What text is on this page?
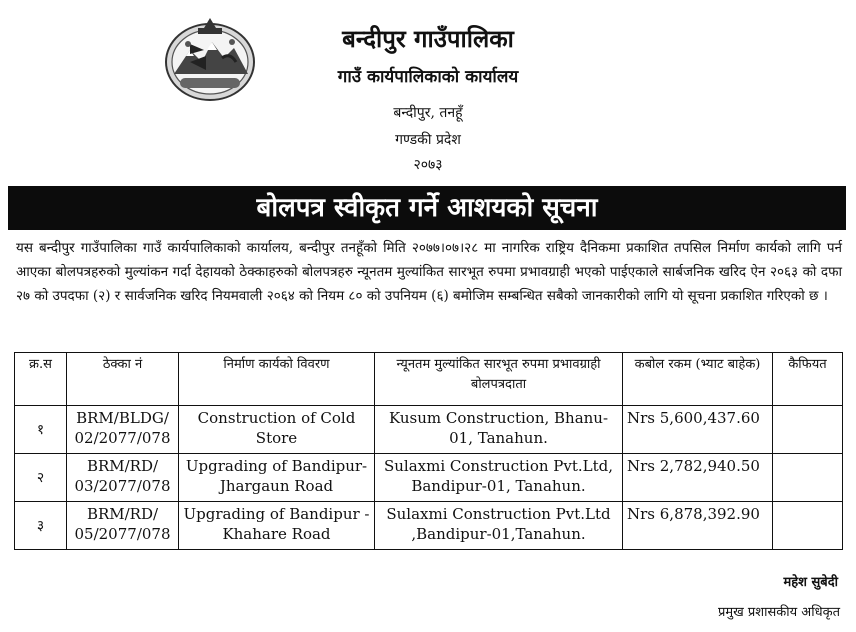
बन्दीपुर गाउँपालिका
गाउँ कार्यपालिकाको कार्यालय
बन्दीपुर, तनहूँ
गण्डकी प्रदेश
२०७३
बोलपत्र स्वीकृत गर्ने आशयको सूचना

यस बन्दीपुर गाउँपालिका गाउँ कार्यपालिकाको कार्यालय, बन्दीपुर तनहूँको मिति २०७७।०७।२८ मा नागरिक राष्ट्रिय दैनिकमा प्रकाशित तपसिल निर्माण कार्यको लागि पर्न आएका बोलपत्रहरुको मुल्यांकन गर्दा देहायको ठेक्काहरुको बोलपत्रहरु न्यूनतम मुल्यांकित सारभूत रुपमा प्रभावग्राही भएको पाईएकाले सार्बजनिक खरिद ऐन २०६३ को दफा २७ को उपदफा (२) र सार्वजनिक खरिद नियमवाली २०६४ को नियम ८० को उपनियम (६) बमोजिम सम्बन्धित सबैको जानकारीको लागि यो सूचना प्रकाशित गरिएको छ ।

क्र.स	ठेक्का नं	निर्माण कार्यको विवरण	न्यूनतम मुल्यांकित सारभूत रुपमा प्रभावग्राही बोलपत्रदाता	कबोल रकम (भ्याट बाहेक)	कैफियत
१	BRM/BLDG/ 02/2077/078	Construction of Cold Store	Kusum Construction, Bhanu-01, Tanahun.	Nrs 5,600,437.60	
२	BRM/RD/ 03/2077/078	Upgrading of Bandipur-Jhargaun Road	Sulaxmi Construction Pvt.Ltd, Bandipur-01, Tanahun.	Nrs 2,782,940.50	
३	BRM/RD/ 05/2077/078	Upgrading of Bandipur -Khahare Road	Sulaxmi Construction Pvt.Ltd ,Bandipur-01,Tanahun.	Nrs 6,878,392.90	
महेश सुबेदी
प्रमुख प्रशासकीय अधिकृत
